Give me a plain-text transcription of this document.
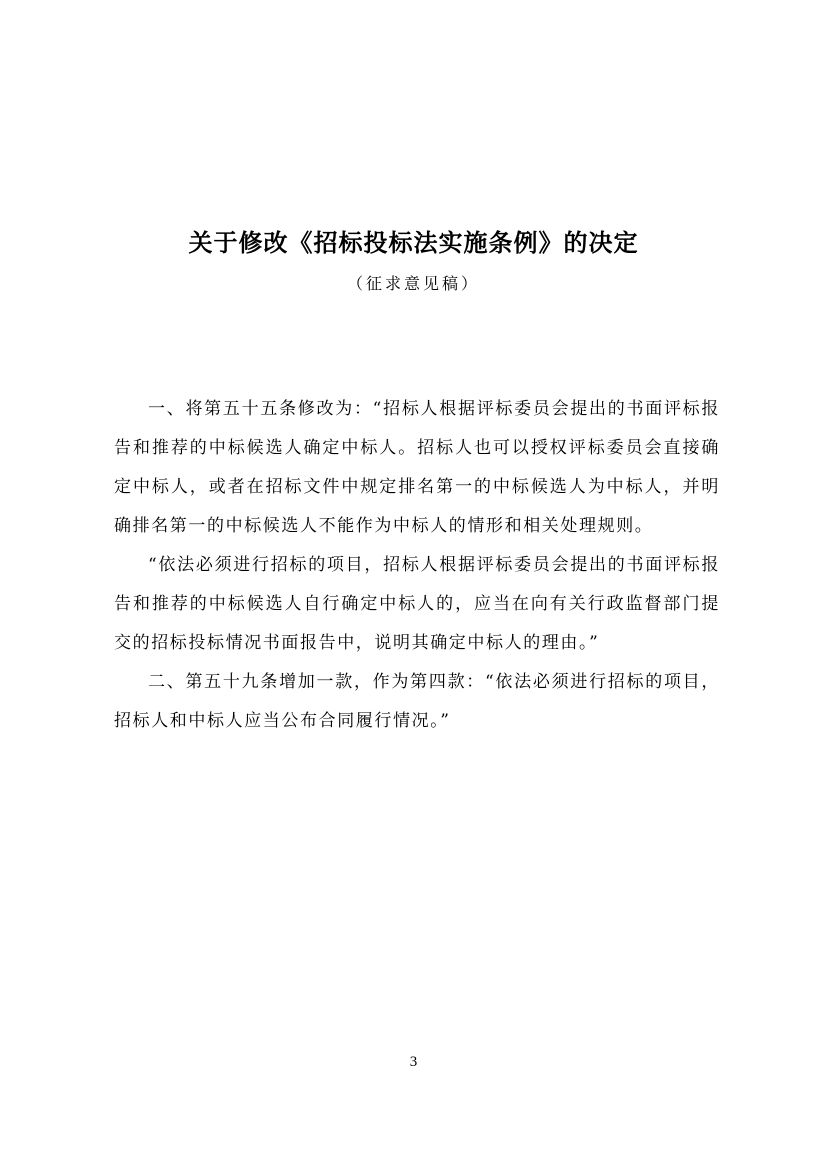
关于修改《招标投标法实施条例》的决定

（征求意见稿）

一、将第五十五条修改为：“招标人根据评标委员会提出的书面评标报告和推荐的中标候选人确定中标人。招标人也可以授权评标委员会直接确定中标人，或者在招标文件中规定排名第一的中标候选人为中标人，并明确排名第一的中标候选人不能作为中标人的情形和相关处理规则。

“依法必须进行招标的项目，招标人根据评标委员会提出的书面评标报告和推荐的中标候选人自行确定中标人的，应当在向有关行政监督部门提交的招标投标情况书面报告中，说明其确定中标人的理由。”

二、第五十九条增加一款，作为第四款：“依法必须进行招标的项目，招标人和中标人应当公布合同履行情况。”

3
